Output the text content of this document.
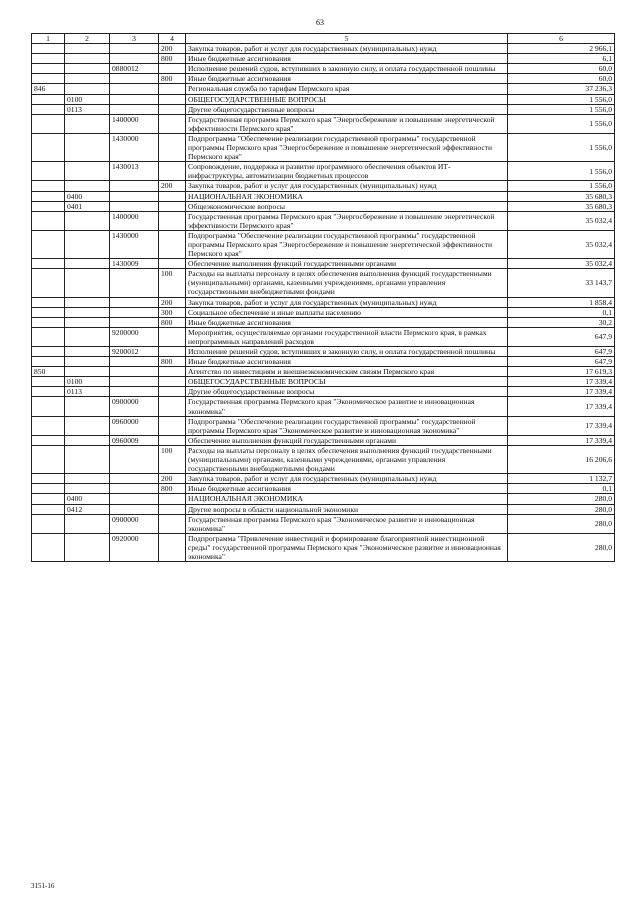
63
1	2	3	4	5	6
			200	Закупка товаров, работ и услуг для государственных (муниципальных) нужд	2 966,1
			800	Иные бюджетные ассигнования	6,1
		0880012		Исполнение решений судов, вступивших в законную силу, и оплата государственной пошлины	60,0
			800	Иные бюджетные ассигнования	60,0
846				Региональная служба по тарифам Пермского края	37 236,3
	0100			ОБЩЕГОСУДАРСТВЕННЫЕ ВОПРОСЫ	1 556,0
	0113			Другие общегосударственные вопросы	1 556,0
		1400000		Государственная программа Пермского края "Энергосбережение и повышение энергетической эффективности Пермского края"	1 556,0
		1430000		Подпрограмма "Обеспечение реализации государственной программы" государственной программы Пермского края "Энергосбережение и повышение энергетической эффективности Пермского края"	1 556,0
		1430013		Сопровождение, поддержка и развитие программного обеспечения объектов ИТ-инфраструктуры, автоматизации бюджетных процессов	1 556,0
			200	Закупка товаров, работ и услуг для государственных (муниципальных) нужд	1 556,0
	0400			НАЦИОНАЛЬНАЯ ЭКОНОМИКА	35 680,3
	0401			Общеэкономические вопросы	35 680,3
		1400000		Государственная программа Пермского края "Энергосбережение и повышение энергетической эффективности Пермского края"	35 032,4
		1430000		Подпрограмма "Обеспечение реализации государственной программы" государственной программы Пермского края "Энергосбережение и повышение энергетической эффективности Пермского края"	35 032,4
		1430009		Обеспечение выполнения функций государственными органами	35 032,4
			100	Расходы на выплаты персоналу в целях обеспечения выполнения функций государственными (муниципальными) органами, казенными учреждениями, органами управления государственными внебюджетными фондами	33 143,7
			200	Закупка товаров, работ и услуг для государственных (муниципальных) нужд	1 858,4
			300	Социальное обеспечение и иные выплаты населению	0,1
			800	Иные бюджетные ассигнования	30,2
		9200000		Мероприятия, осуществляемые органами государственной власти Пермского края, в рамках непрограммных направлений расходов	647,9
		9200012		Исполнение решений судов, вступивших в законную силу, и оплата государственной пошлины	647,9
			800	Иные бюджетные ассигнования	647,9
850				Агентство по инвестициям и внешнеэкономическим связям Пермского края	17 619,3
	0100			ОБЩЕГОСУДАРСТВЕННЫЕ ВОПРОСЫ	17 339,4
	0113			Другие общегосударственные вопросы	17 339,4
		0900000		Государственная программа Пермского края "Экономическое развитие и инновационная экономика"	17 339,4
		0960000		Подпрограмма "Обеспечение реализации государственной программы" государственной программы Пермского края "Экономическое развитие и инновационная экономика"	17 339,4
		0960009		Обеспечение выполнения функций государственными органами	17 339,4
			100	Расходы на выплаты персоналу в целях обеспечения выполнения функций государственными (муниципальными) органами, казенными учреждениями, органами управления государственными внебюджетными фондами	16 206,6
			200	Закупка товаров, работ и услуг для государственных (муниципальных) нужд	1 132,7
			800	Иные бюджетные ассигнования	0,1
	0400			НАЦИОНАЛЬНАЯ ЭКОНОМИКА	280,0
	0412			Другие вопросы в области национальной экономики	280,0
		0900000		Государственная программа Пермского края "Экономическое развитие и инновационная экономика"	280,0
		0920000		Подпрограмма "Привлечение инвестиций и формирование благоприятной инвестиционной среды" государственной программы Пермского края "Экономическое развитие и инновационная экономика"	280,0
3151-16
